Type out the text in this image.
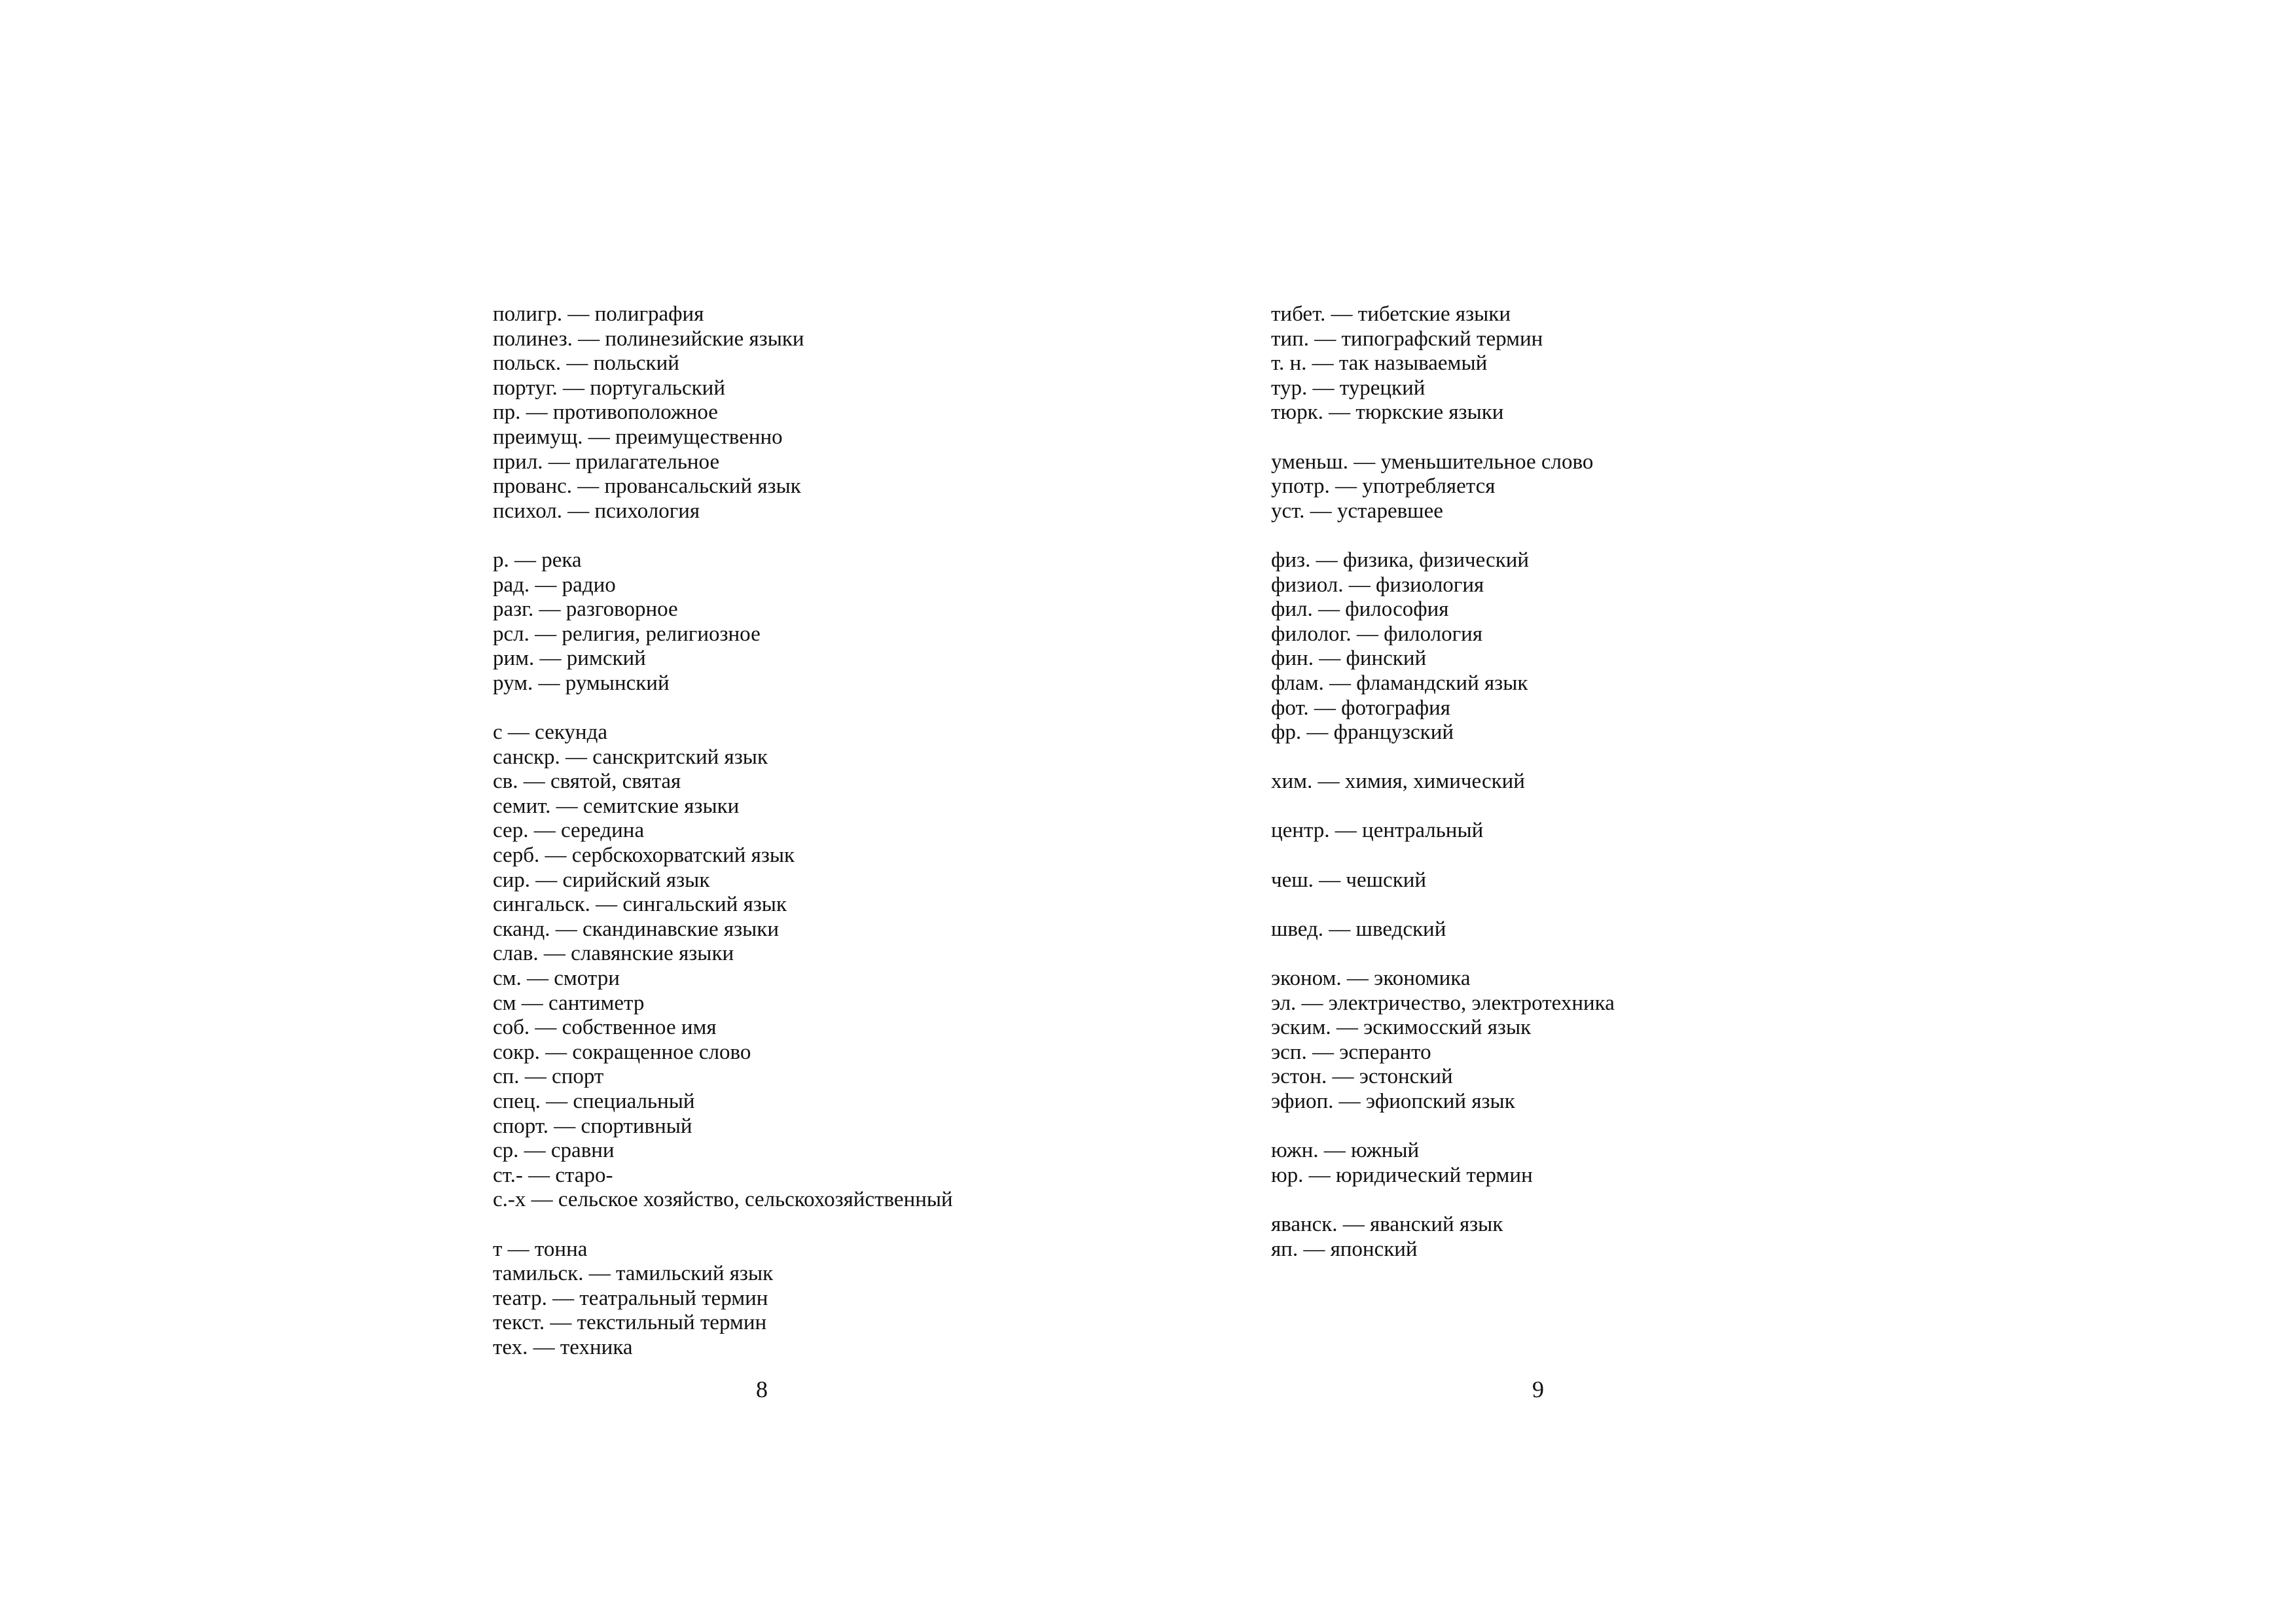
полигр. — полиграфия
полинез. — полинезийские языки
польск. — польский
португ. — португальский
пр. — противоположное
преимущ. — преимущественно
прил. — прилагательное
прованс. — провансальский язык
психол. — психология
р. — река
рад. — радио
разг. — разговорное
рсл. — религия, религиозное
рим. — римский
рум. — румынский
с — секунда
санскр. — санскритский язык
св. — святой, святая
семит. — семитские языки
сер. — середина
серб. — сербскохорватский язык
сир. — сирийский язык
сингальск. — сингальский язык
сканд. — скандинавские языки
слав. — славянские языки
см. — смотри
см — сантиметр
соб. — собственное имя
сокр. — сокращенное слово
сп. — спорт
спец. — специальный
спорт. — спортивный
ср. — сравни
ст.- — старо-
с.-х — сельское хозяйство, сельскохозяйственный
т — тонна
тамильск. — тамильский язык
театр. — театральный термин
текст. — текстильный термин
тех. — техника
8
тибет. — тибетские языки
тип. — типографский термин
т. н. — так называемый
тур. — турецкий
тюрк. — тюркские языки
уменьш. — уменьшительное слово
употр. — употребляется
уст. — устаревшее
физ. — физика, физический
физиол. — физиология
фил. — философия
филолог. — филология
фин. — финский
флам. — фламандский язык
фот. — фотография
фр. — французский
хим. — химия, химический
центр. — центральный
чеш. — чешский
швед. — шведский
эконом. — экономика
эл. — электричество, электротехника
эским. — эскимосский язык
эсп. — эсперанто
эстон. — эстонский
эфиоп. — эфиопский язык
южн. — южный
юр. — юридический термин
яванск. — яванский язык
яп. — японский
9
